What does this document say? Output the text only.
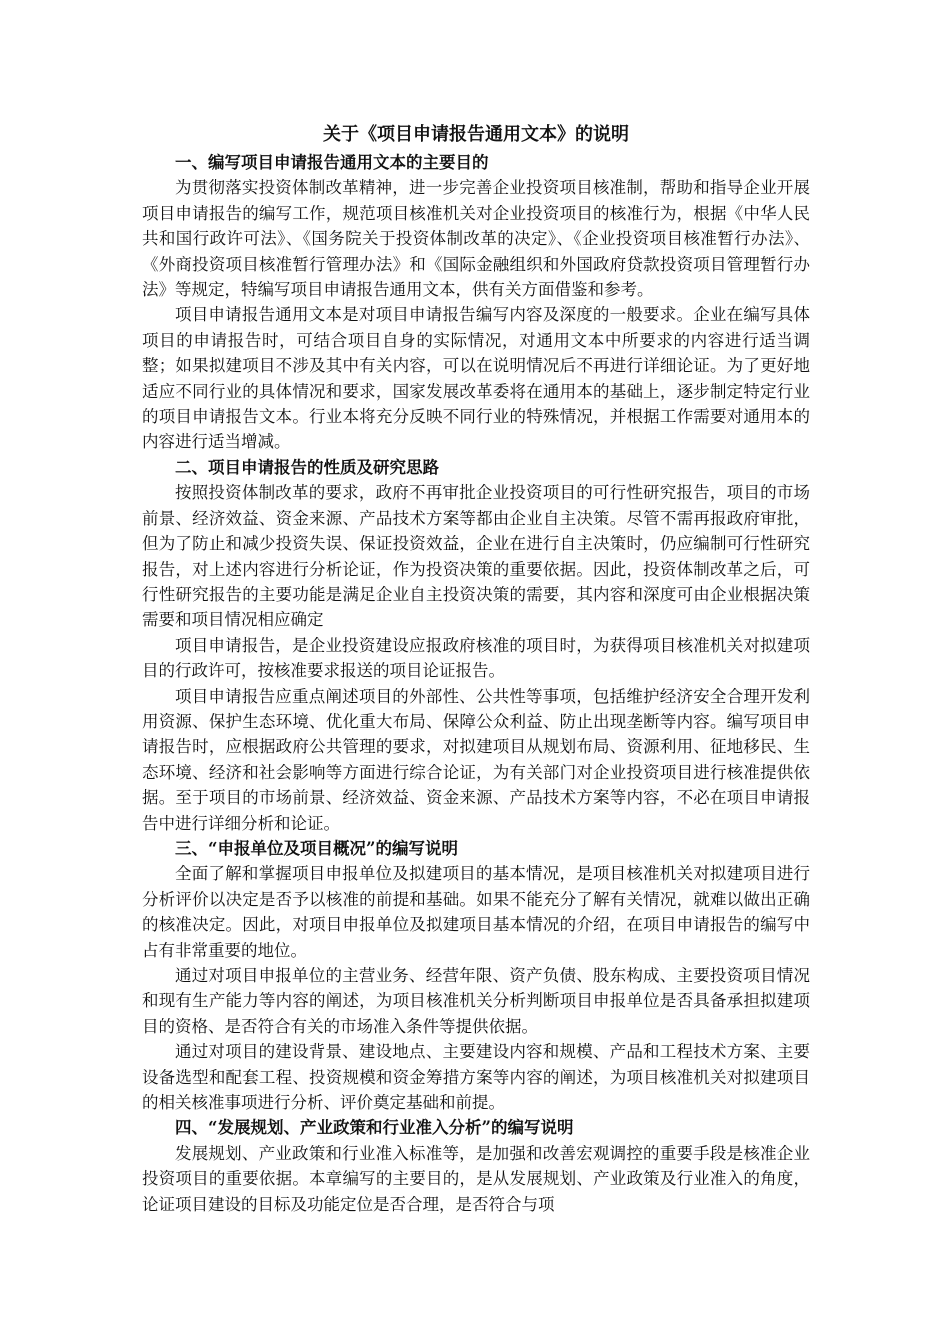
关于《项目申请报告通用文本》的说明

一、编写项目申请报告通用文本的主要目的

为贯彻落实投资体制改革精神，进一步完善企业投资项目核准制，帮助和指导企业开展项目申请报告的编写工作，规范项目核准机关对企业投资项目的核准行为，根据《中华人民共和国行政许可法》、《国务院关于投资体制改革的决定》、《企业投资项目核准暂行办法》、《外商投资项目核准暂行管理办法》和《国际金融组织和外国政府贷款投资项目管理暂行办法》等规定，特编写项目申请报告通用文本，供有关方面借鉴和参考。

项目申请报告通用文本是对项目申请报告编写内容及深度的一般要求。企业在编写具体项目的申请报告时，可结合项目自身的实际情况，对通用文本中所要求的内容进行适当调整；如果拟建项目不涉及其中有关内容，可以在说明情况后不再进行详细论证。为了更好地适应不同行业的具体情况和要求，国家发展改革委将在通用本的基础上，逐步制定特定行业的项目申请报告文本。行业本将充分反映不同行业的特殊情况，并根据工作需要对通用本的内容进行适当增减。

二、项目申请报告的性质及研究思路

按照投资体制改革的要求，政府不再审批企业投资项目的可行性研究报告，项目的市场前景、经济效益、资金来源、产品技术方案等都由企业自主决策。尽管不需再报政府审批，但为了防止和减少投资失误、保证投资效益，企业在进行自主决策时，仍应编制可行性研究报告，对上述内容进行分析论证，作为投资决策的重要依据。因此，投资体制改革之后，可行性研究报告的主要功能是满足企业自主投资决策的需要，其内容和深度可由企业根据决策需要和项目情况相应确定

项目申请报告，是企业投资建设应报政府核准的项目时，为获得项目核准机关对拟建项目的行政许可，按核准要求报送的项目论证报告。

项目申请报告应重点阐述项目的外部性、公共性等事项，包括维护经济安全合理开发利用资源、保护生态环境、优化重大布局、保障公众利益、防止出现垄断等内容。编写项目申请报告时，应根据政府公共管理的要求，对拟建项目从规划布局、资源利用、征地移民、生态环境、经济和社会影响等方面进行综合论证，为有关部门对企业投资项目进行核准提供依据。至于项目的市场前景、经济效益、资金来源、产品技术方案等内容，不必在项目申请报告中进行详细分析和论证。

三、“申报单位及项目概况”的编写说明

全面了解和掌握项目申报单位及拟建项目的基本情况，是项目核准机关对拟建项目进行分析评价以决定是否予以核准的前提和基础。如果不能充分了解有关情况，就难以做出正确的核准决定。因此，对项目申报单位及拟建项目基本情况的介绍，在项目申请报告的编写中占有非常重要的地位。

通过对项目申报单位的主营业务、经营年限、资产负债、股东构成、主要投资项目情况和现有生产能力等内容的阐述，为项目核准机关分析判断项目申报单位是否具备承担拟建项目的资格、是否符合有关的市场准入条件等提供依据。

通过对项目的建设背景、建设地点、主要建设内容和规模、产品和工程技术方案、主要设备选型和配套工程、投资规模和资金筹措方案等内容的阐述，为项目核准机关对拟建项目的相关核准事项进行分析、评价奠定基础和前提。

四、“发展规划、产业政策和行业准入分析”的编写说明

发展规划、产业政策和行业准入标准等，是加强和改善宏观调控的重要手段是核准企业投资项目的重要依据。本章编写的主要目的，是从发展规划、产业政策及行业准入的角度，论证项目建设的目标及功能定位是否合理，是否符合与项
